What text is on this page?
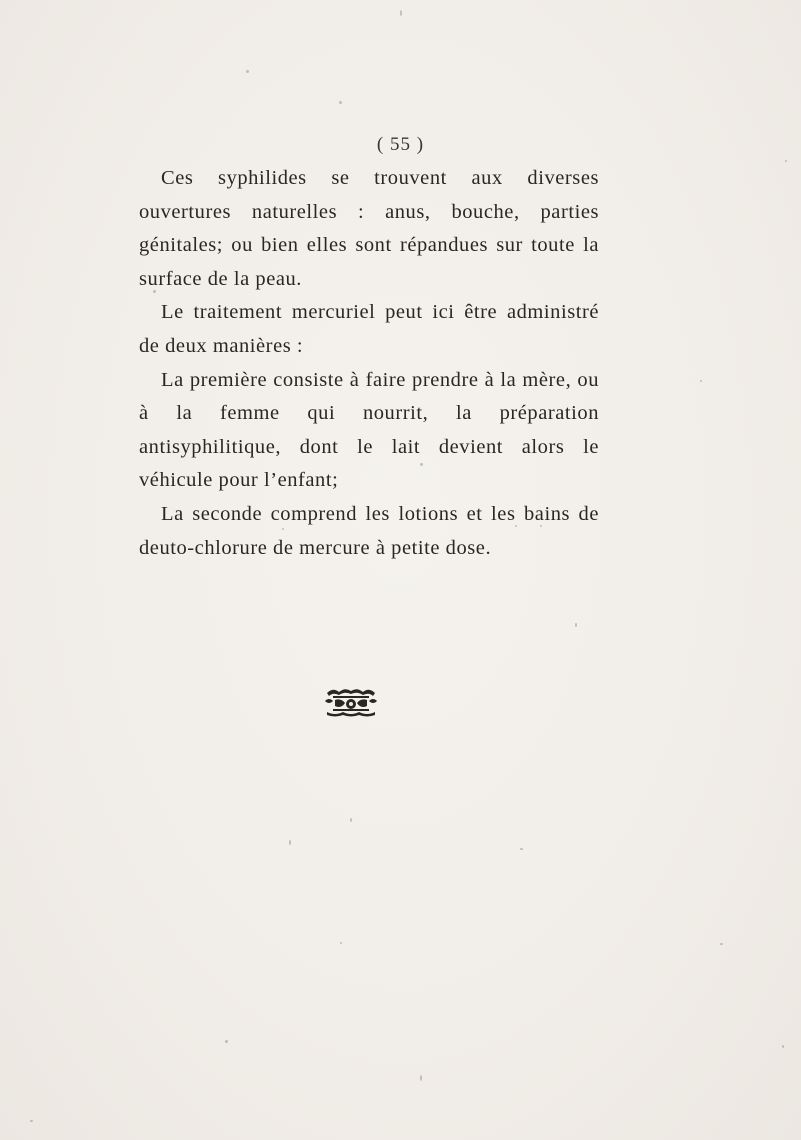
( 55 )

Ces syphilides se trouvent aux diverses ouvertures naturelles : anus, bouche, parties génitales; ou bien elles sont répandues sur toute la surface de la peau.

Le traitement mercuriel peut ici être administré de deux manières :

La première consiste à faire prendre à la mère, ou à la femme qui nourrit, la préparation antisyphilitique, dont le lait devient alors le véhicule pour l’enfant;

La seconde comprend les lotions et les bains de deuto-chlorure de mercure à petite dose.
